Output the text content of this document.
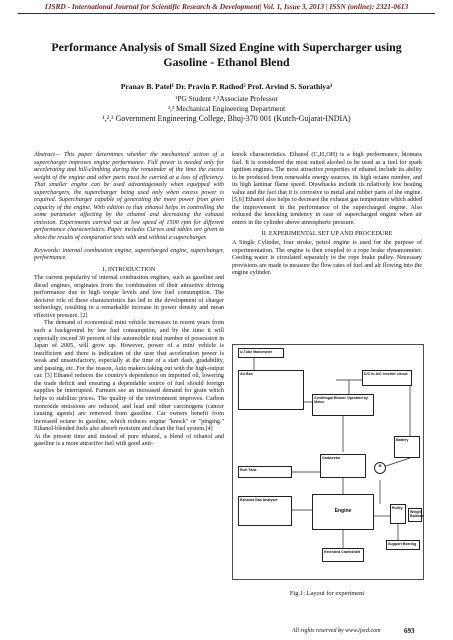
IJSRD - International Journal for Scientific Research & Development| Vol. 1, Issue 3, 2013 | ISSN (online): 2321-0613
Performance Analysis of Small Sized Engine with Supercharger using Gasoline - Ethanol Blend
Pranav B. Patel¹ Dr. Pravin P. Rathod² Prof. Arvind S. Sorathiya³
¹PG Student ²,³Associate Professor
²,³ Mechanical Engineering Department
¹,²,³ Government Engineering College, Bhuj-370 001 (Kutch-Gujarat-INDIA)

Abstract— This paper determines whether the mechanical action of a supercharger improves engine performance. Full power is needed only for accelerating and hill-climbing during the remainder of the time the excess weight of the engine and other parts must be carried at a loss of efficiency. That smaller engine can be used advantageously when equipped with superchargers, the supercharger being used only when excess power is required. Supercharger capable of generating the more power from given capacity of the engine. With edition to that ethanol helps in controlling the some parameter affecting by the ethanol and decreasing the exhaust emission. Experiments carried out at low speed of 1500 rpm for different performance characteristics. Paper includes Curves and tables are given to show the results of comparative tests with and without a supercharger.

Keywords: internal combustion engine, supercharged engine, supercharger, performance.

I. INTRODUCTION

The current popularity of internal combustion engines, such as gasoline and diesel engines, originates from the combination of their attractive driving performance due to high torque levels and low fuel consumption. The decisive role of these characteristics has led to the development of charger technology, resulting in a remarkable increase in power density and mean effective pressure. [2]

The demand of economical mini vehicle increases in recent years from such a background by low fuel consumption, and by the time it will especially exceed 30 percent of the automobile total number of possession in Japan of 2005, will grow up. However, power of a mini vehicle is insufficient and there is indication of the user that acceleration power is weak and unsatisfactory, especially at the time of a start dash, gradability, and passing, etc. For the reason, Auto makers taking out with the high-output car. [3] Ethanol reduces the country's dependence on imported oil, lowering the trade deficit and ensuring a dependable source of fuel should foreign supplies be interrupted. Farmers see an increased demand for grain which helps to stabilize prices. The quality of the environment improves. Carbon monoxide emissions are reduced, and lead and other carcinogens (cancer causing agents) are removed from gasoline. Car owners benefit from increased octane in gasoline, which reduces engine "knock" or "pinging." Ethanol-blended fuels also absorb moisture and clean the fuel system.[4]

At the present time and instead of pure ethanol, a blend of ethanol and gasoline is a more attractive fuel with good anti-

knock characteristics. Ethanol (C₂H₅OH) is a high performance, biomass fuel. It is considered the most suited alcohol to be used as a fuel for spark ignition engines. The most attractive properties of ethanol include its ability to be produced from renewable energy sources, its high octane number, and its high laminar flame speed. Drawbacks include its relatively low heating value and the fact that it is corrosive to metal and rubber parts of the engine. [5,6] Ethanol also helps to decrease the exhaust gas temperature which added the improvement in the performance of the supercharged engine. Also reduced the knocking tendency in case of supercharged engine when air enters in the cylinder above atmospheric pressure.

II. EXPERIMENTAL SET UP AND PROCEDURE

A Single Cylinder, four stroke, petrol engine is used for the purpose of experimentation. The engine is then coupled to a rope brake dynamometer. Cooling water is circulated separately to the rope brake pulley. Necessary provisions are made to measure the flow rates of fuel and air flowing into the engine cylinder.

U-Tube Manometer
Air Box	D/C to A/C Inverter circuit
Centrifugal Blower Operated by Motor
Battery
Fuel Tank
Carburetor
M
Exhaust Gas Analyser
Engine	Pulley
Weight Balance
Support Bearing
Extended Crankshaft
Fig.1: Layout for experiment
All rights reserved by www.ijsrd.com	693
